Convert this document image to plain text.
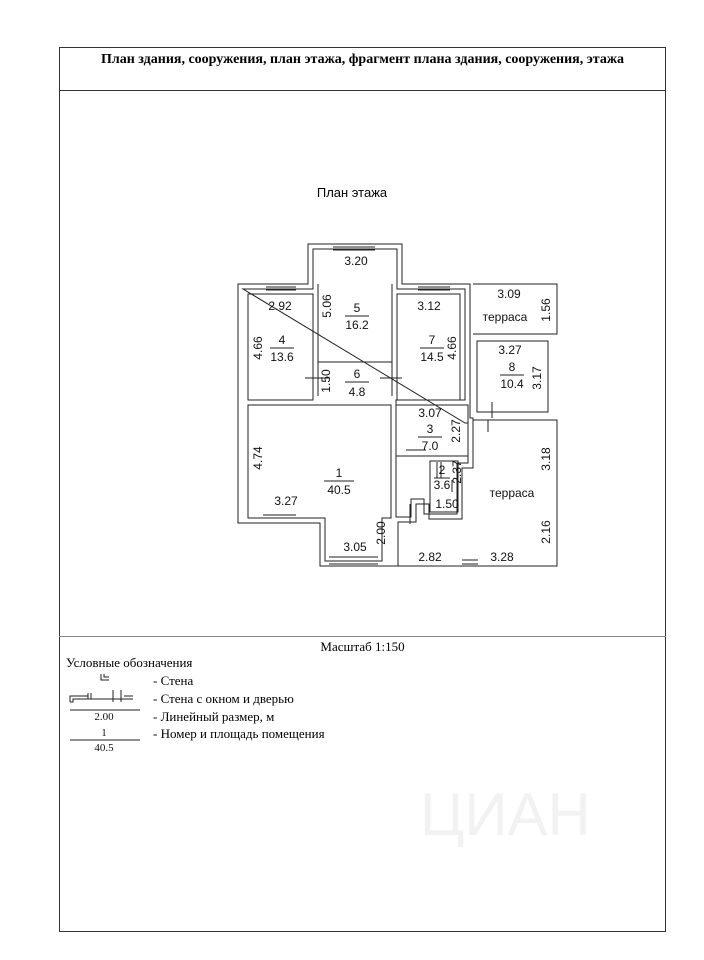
План здания, сооружения, план этажа, фрагмент плана здания, сооружения, этажа
План этажа
5
16.2
4
13.6
7
14.5
6
4.8
8
10.4
3
7.0
1
40.5
2
3.6
терраса
терраса
3.20
5.06
2.92
4.66
1.50
3.12
4.66
3.09
1.56
3.27
3.17
3.07
2.27
2.37
4.74
3.27
2.00
3.05
1.50
3.18
2.16
2.82	3.28
2.00
1
40.5
Масштаб 1:150
Условные обозначения
- Стена
- Стена с окном и дверью
- Линейный размер, м
- Номер и площадь помещения
ЦИАН
